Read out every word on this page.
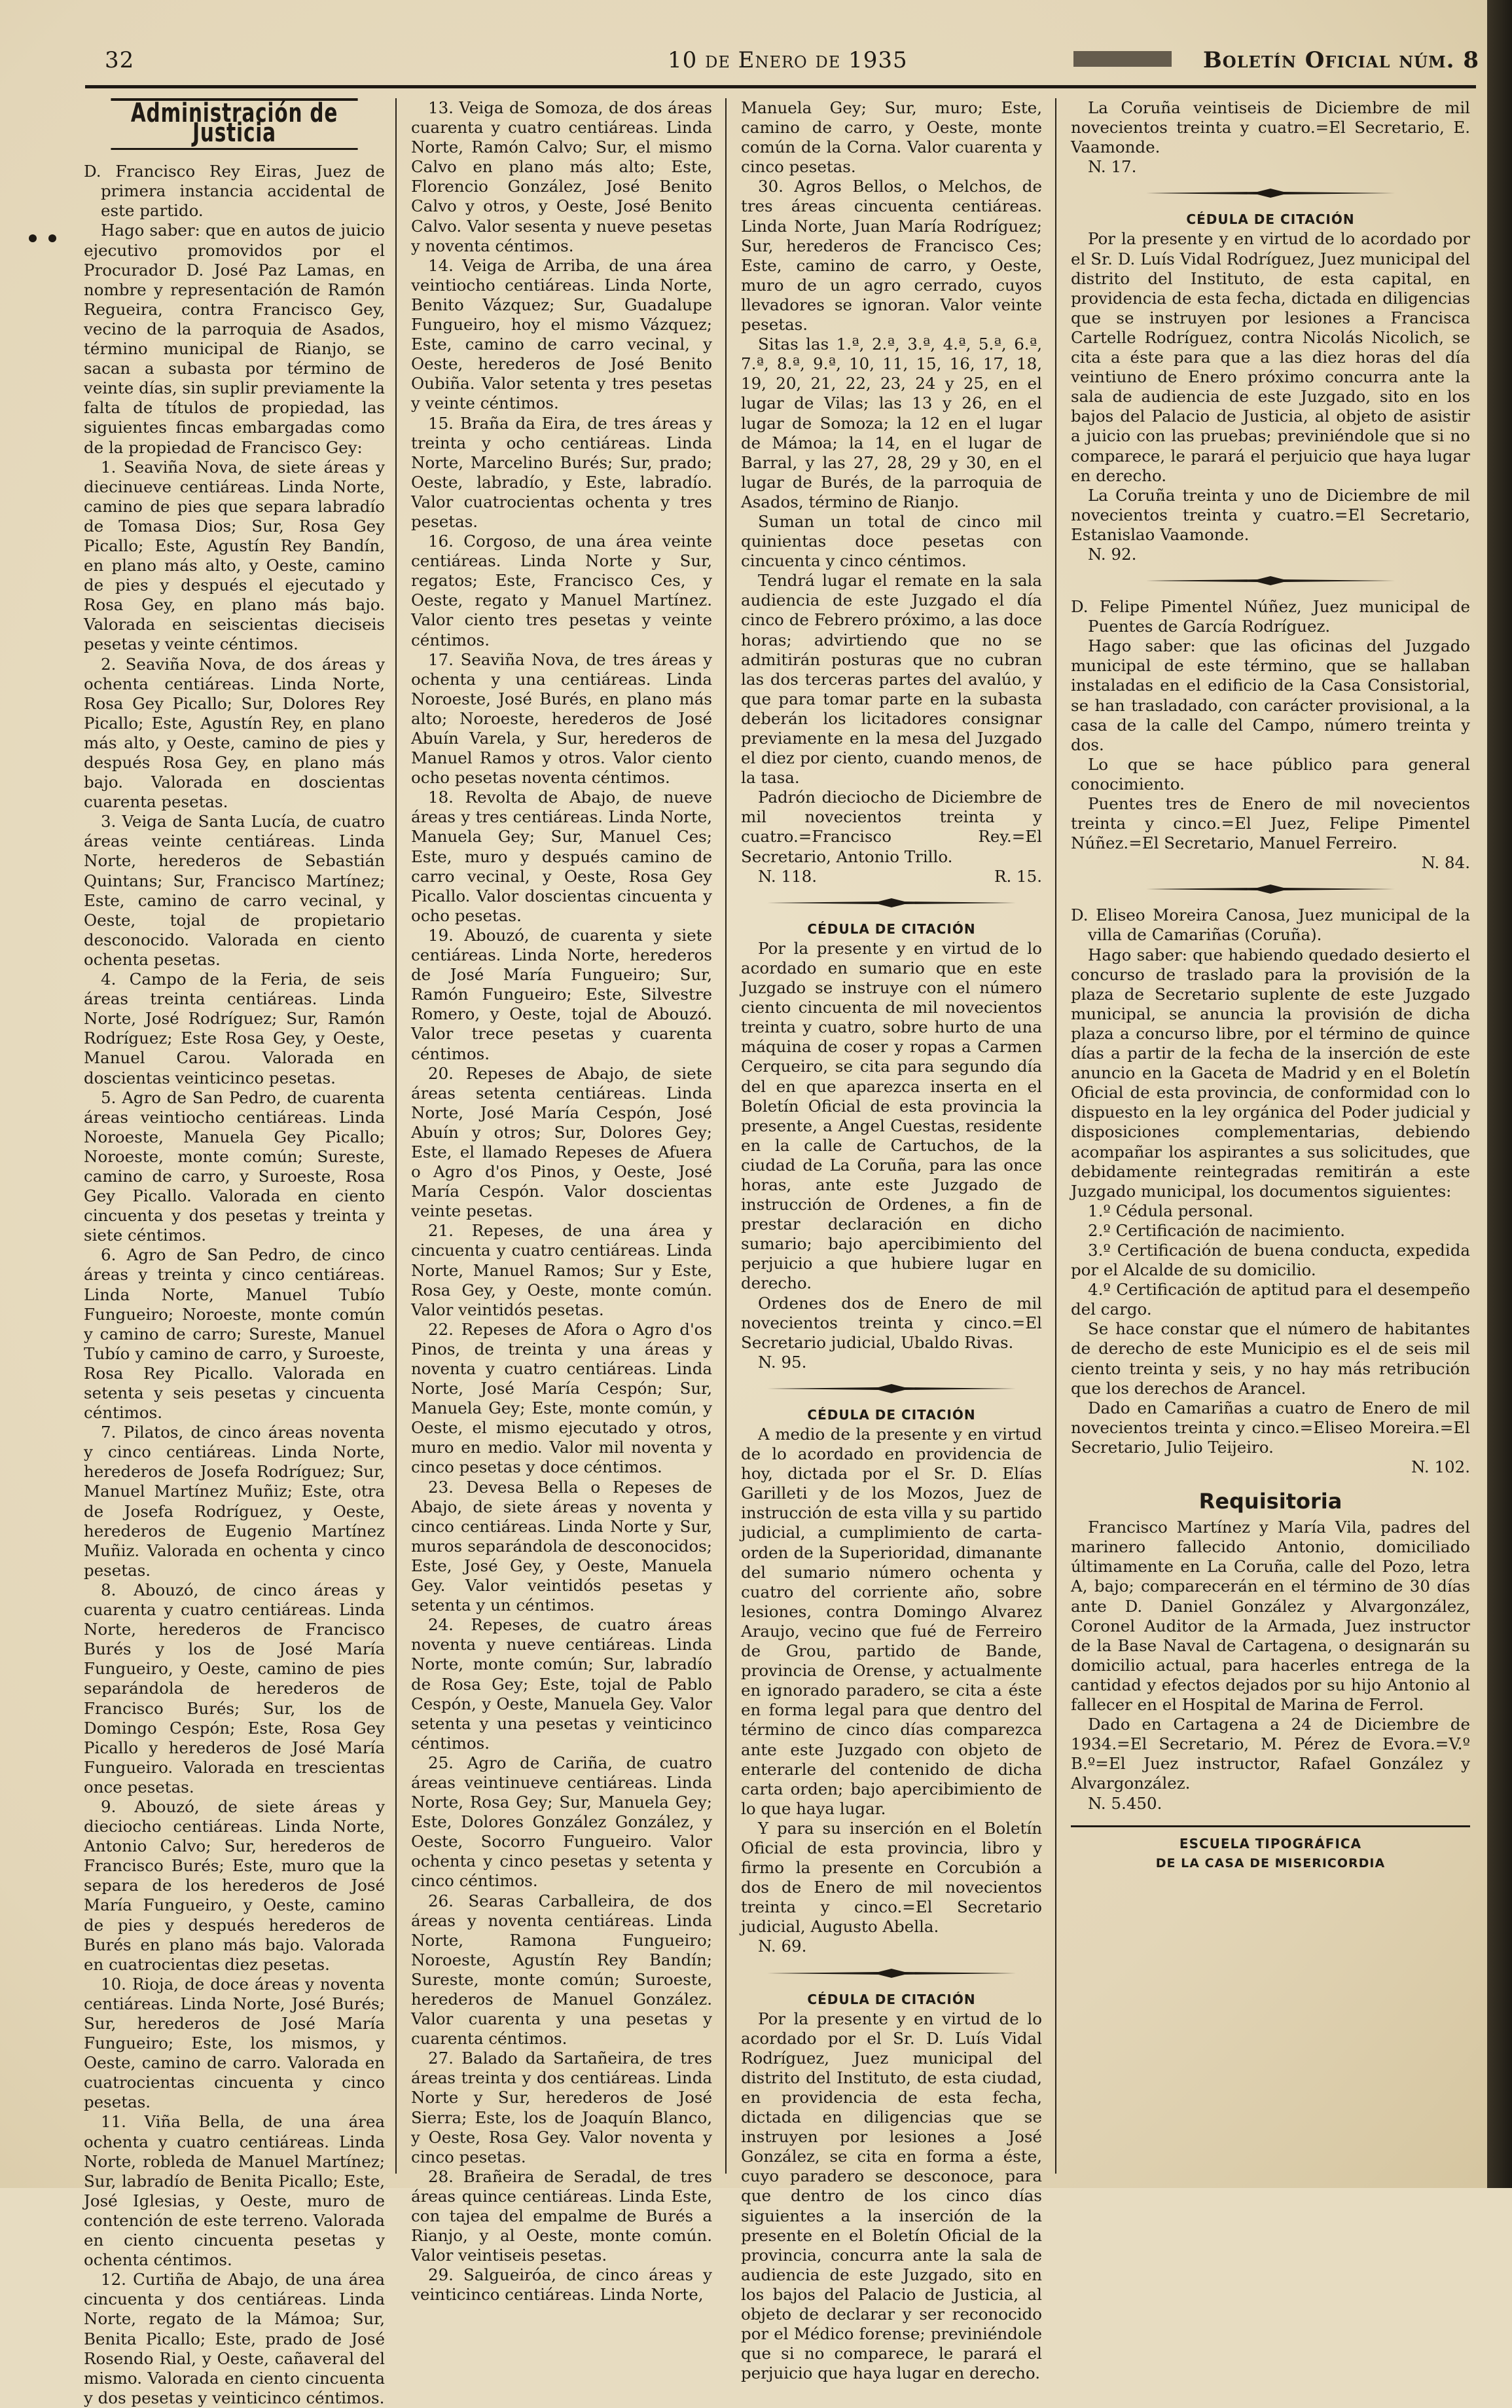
32	10 de Enero de 1935	Boletín Oficial núm. 8
Administración de Justicia

D. Francisco Rey Eiras, Juez de primera instancia accidental de este partido.

Hago saber: que en autos de juicio ejecutivo promovidos por el Procurador D. José Paz Lamas, en nombre y representación de Ramón Regueira, contra Francisco Gey, vecino de la parroquia de Asados, término municipal de Rianjo, se sacan a subasta por término de veinte días, sin suplir previamente la falta de títulos de propiedad, las siguientes fincas embargadas como de la propiedad de Francisco Gey:

1. Seaviña Nova, de siete áreas y diecinueve centiáreas. Linda Norte, camino de pies que separa labradío de Tomasa Dios; Sur, Rosa Gey Picallo; Este, Agustín Rey Bandín, en plano más alto, y Oeste, camino de pies y después el ejecutado y Rosa Gey, en plano más bajo. Valorada en seiscientas dieciseis pesetas y veinte céntimos.

2. Seaviña Nova, de dos áreas y ochenta centiáreas. Linda Norte, Rosa Gey Picallo; Sur, Dolores Rey Picallo; Este, Agustín Rey, en plano más alto, y Oeste, camino de pies y después Rosa Gey, en plano más bajo. Valorada en doscientas cuarenta pesetas.

3. Veiga de Santa Lucía, de cuatro áreas veinte centiáreas. Linda Norte, herederos de Sebastián Quintans; Sur, Francisco Martínez; Este, camino de carro vecinal, y Oeste, tojal de propietario desconocido. Valorada en ciento ochenta pesetas.

4. Campo de la Feria, de seis áreas treinta centiáreas. Linda Norte, José Rodríguez; Sur, Ramón Rodríguez; Este Rosa Gey, y Oeste, Manuel Carou. Valorada en doscientas veinticinco pesetas.

5. Agro de San Pedro, de cuarenta áreas veintiocho centiáreas. Linda Noroeste, Manuela Gey Picallo; Noroeste, monte común; Sureste, camino de carro, y Suroeste, Rosa Gey Picallo. Valorada en ciento cincuenta y dos pesetas y treinta y siete céntimos.

6. Agro de San Pedro, de cinco áreas y treinta y cinco centiáreas. Linda Norte, Manuel Tubío Fungueiro; Noroeste, monte común y camino de carro; Sureste, Manuel Tubío y camino de carro, y Suroeste, Rosa Rey Picallo. Valorada en setenta y seis pesetas y cincuenta céntimos.

7. Pilatos, de cinco áreas noventa y cinco centiáreas. Linda Norte, herederos de Josefa Rodríguez; Sur, Manuel Martínez Muñiz; Este, otra de Josefa Rodríguez, y Oeste, herederos de Eugenio Martínez Muñiz. Valorada en ochenta y cinco pesetas.

8. Abouzó, de cinco áreas y cuarenta y cuatro centiáreas. Linda Norte, herederos de Francisco Burés y los de José María Fungueiro, y Oeste, camino de pies separándola de herederos de Francisco Burés; Sur, los de Domingo Cespón; Este, Rosa Gey Picallo y herederos de José María Fungueiro. Valorada en trescientas once pesetas.

9. Abouzó, de siete áreas y dieciocho centiáreas. Linda Norte, Antonio Calvo; Sur, herederos de Francisco Burés; Este, muro que la separa de los herederos de José María Fungueiro, y Oeste, camino de pies y después herederos de Burés en plano más bajo. Valorada en cuatrocientas diez pesetas.

10. Rioja, de doce áreas y noventa centiáreas. Linda Norte, José Burés; Sur, herederos de José María Fungueiro; Este, los mismos, y Oeste, camino de carro. Valorada en cuatrocientas cincuenta y cinco pesetas.

11. Viña Bella, de una área ochenta y cuatro centiáreas. Linda Norte, robleda de Manuel Martínez; Sur, labradío de Benita Picallo; Este, José Iglesias, y Oeste, muro de contención de este terreno. Valorada en ciento cincuenta pesetas y ochenta céntimos.

12. Curtiña de Abajo, de una área cincuenta y dos centiáreas. Linda Norte, regato de la Mámoa; Sur, Benita Picallo; Este, prado de José Rosendo Rial, y Oeste, cañaveral del mismo. Valorada en ciento cincuenta y dos pesetas y veinticinco céntimos.

13. Veiga de Somoza, de dos áreas cuarenta y cuatro centiáreas. Linda Norte, Ramón Calvo; Sur, el mismo Calvo en plano más alto; Este, Florencio González, José Benito Calvo y otros, y Oeste, José Benito Calvo. Valor sesenta y nueve pesetas y noventa céntimos.

14. Veiga de Arriba, de una área veintiocho centiáreas. Linda Norte, Benito Vázquez; Sur, Guadalupe Fungueiro, hoy el mismo Vázquez; Este, camino de carro vecinal, y Oeste, herederos de José Benito Oubiña. Valor setenta y tres pesetas y veinte céntimos.

15. Braña da Eira, de tres áreas y treinta y ocho centiáreas. Linda Norte, Marcelino Burés; Sur, prado; Oeste, labradío, y Este, labradío. Valor cuatrocientas ochenta y tres pesetas.

16. Corgoso, de una área veinte centiáreas. Linda Norte y Sur, regatos; Este, Francisco Ces, y Oeste, regato y Manuel Martínez. Valor ciento tres pesetas y veinte céntimos.

17. Seaviña Nova, de tres áreas y ochenta y una centiáreas. Linda Noroeste, José Burés, en plano más alto; Noroeste, herederos de José Abuín Varela, y Sur, herederos de Manuel Ramos y otros. Valor ciento ocho pesetas noventa céntimos.

18. Revolta de Abajo, de nueve áreas y tres centiáreas. Linda Norte, Manuela Gey; Sur, Manuel Ces; Este, muro y después camino de carro vecinal, y Oeste, Rosa Gey Picallo. Valor doscientas cincuenta y ocho pesetas.

19. Abouzó, de cuarenta y siete centiáreas. Linda Norte, herederos de José María Fungueiro; Sur, Ramón Fungueiro; Este, Silvestre Romero, y Oeste, tojal de Abouzó. Valor trece pesetas y cuarenta céntimos.

20. Repeses de Abajo, de siete áreas setenta centiáreas. Linda Norte, José María Cespón, José Abuín y otros; Sur, Dolores Gey; Este, el llamado Repeses de Afuera o Agro d'os Pinos, y Oeste, José María Cespón. Valor doscientas veinte pesetas.

21. Repeses, de una área y cincuenta y cuatro centiáreas. Linda Norte, Manuel Ramos; Sur y Este, Rosa Gey, y Oeste, monte común. Valor veintidós pesetas.

22. Repeses de Afora o Agro d'os Pinos, de treinta y una áreas y noventa y cuatro centiáreas. Linda Norte, José María Cespón; Sur, Manuela Gey; Este, monte común, y Oeste, el mismo ejecutado y otros, muro en medio. Valor mil noventa y cinco pesetas y doce céntimos.

23. Devesa Bella o Repeses de Abajo, de siete áreas y noventa y cinco centiáreas. Linda Norte y Sur, muros separándola de desconocidos; Este, José Gey, y Oeste, Manuela Gey. Valor veintidós pesetas y setenta y un céntimos.

24. Repeses, de cuatro áreas noventa y nueve centiáreas. Linda Norte, monte común; Sur, labradío de Rosa Gey; Este, tojal de Pablo Cespón, y Oeste, Manuela Gey. Valor setenta y una pesetas y veinticinco céntimos.

25. Agro de Cariña, de cuatro áreas veintinueve centiáreas. Linda Norte, Rosa Gey; Sur, Manuela Gey; Este, Dolores González González, y Oeste, Socorro Fungueiro. Valor ochenta y cinco pesetas y setenta y cinco céntimos.

26. Searas Carballeira, de dos áreas y noventa centiáreas. Linda Norte, Ramona Fungueiro; Noroeste, Agustín Rey Bandín; Sureste, monte común; Suroeste, herederos de Manuel González. Valor cuarenta y una pesetas y cuarenta céntimos.

27. Balado da Sartañeira, de tres áreas treinta y dos centiáreas. Linda Norte y Sur, herederos de José Sierra; Este, los de Joaquín Blanco, y Oeste, Rosa Gey. Valor noventa y cinco pesetas.

28. Brañeira de Seradal, de tres áreas quince centiáreas. Linda Este, con tajea del empalme de Burés a Rianjo, y al Oeste, monte común. Valor veintiseis pesetas.

29. Salgueiróa, de cinco áreas y veinticinco centiáreas. Linda Norte,

Manuela Gey; Sur, muro; Este, camino de carro, y Oeste, monte común de la Corna. Valor cuarenta y cinco pesetas.

30. Agros Bellos, o Melchos, de tres áreas cincuenta centiáreas. Linda Norte, Juan María Rodríguez; Sur, herederos de Francisco Ces; Este, camino de carro, y Oeste, muro de un agro cerrado, cuyos llevadores se ignoran. Valor veinte pesetas.

Sitas las 1.ª, 2.ª, 3.ª, 4.ª, 5.ª, 6.ª, 7.ª, 8.ª, 9.ª, 10, 11, 15, 16, 17, 18, 19, 20, 21, 22, 23, 24 y 25, en el lugar de Vilas; las 13 y 26, en el lugar de Somoza; la 12 en el lugar de Mámoa; la 14, en el lugar de Barral, y las 27, 28, 29 y 30, en el lugar de Burés, de la parroquia de Asados, término de Rianjo.

Suman un total de cinco mil quinientas doce pesetas con cincuenta y cinco céntimos.

Tendrá lugar el remate en la sala audiencia de este Juzgado el día cinco de Febrero próximo, a las doce horas; advirtiendo que no se admitirán posturas que no cubran las dos terceras partes del avalúo, y que para tomar parte en la subasta deberán los licitadores consignar previamente en la mesa del Juzgado el diez por ciento, cuando menos, de la tasa.

Padrón dieciocho de Diciembre de mil novecientos treinta y cuatro.=Francisco Rey.=El Secretario, Antonio Trillo.

N. 118.	R. 15.

CÉDULA DE CITACIÓN

Por la presente y en virtud de lo acordado en sumario que en este Juzgado se instruye con el número ciento cincuenta de mil novecientos treinta y cuatro, sobre hurto de una máquina de coser y ropas a Carmen Cerqueiro, se cita para segundo día del en que aparezca inserta en el Boletín Oficial de esta provincia la presente, a Angel Cuestas, residente en la calle de Cartuchos, de la ciudad de La Coruña, para las once horas, ante este Juzgado de instrucción de Ordenes, a fin de prestar declaración en dicho sumario; bajo apercibimiento del perjuicio a que hubiere lugar en derecho.

Ordenes dos de Enero de mil novecientos treinta y cinco.=El Secretario judicial, Ubaldo Rivas.

N. 95.

CÉDULA DE CITACIÓN

A medio de la presente y en virtud de lo acordado en providencia de hoy, dictada por el Sr. D. Elías Garilleti y de los Mozos, Juez de instrucción de esta villa y su partido judicial, a cumplimiento de carta-orden de la Superioridad, dimanante del sumario número ochenta y cuatro del corriente año, sobre lesiones, contra Domingo Alvarez Araujo, vecino que fué de Ferreiro de Grou, partido de Bande, provincia de Orense, y actualmente en ignorado paradero, se cita a éste en forma legal para que dentro del término de cinco días comparezca ante este Juzgado con objeto de enterarle del contenido de dicha carta orden; bajo apercibimiento de lo que haya lugar.

Y para su inserción en el Boletín Oficial de esta provincia, libro y firmo la presente en Corcubión a dos de Enero de mil novecientos treinta y cinco.=El Secretario judicial, Augusto Abella.

N. 69.

CÉDULA DE CITACIÓN

Por la presente y en virtud de lo acordado por el Sr. D. Luís Vidal Rodríguez, Juez municipal del distrito del Instituto, de esta ciudad, en providencia de esta fecha, dictada en diligencias que se instruyen por lesiones a José González, se cita en forma a éste, cuyo paradero se desconoce, para que dentro de los cinco días siguientes a la inserción de la presente en el Boletín Oficial de la provincia, concurra ante la sala de audiencia de este Juzgado, sito en los bajos del Palacio de Justicia, al objeto de declarar y ser reconocido por el Médico forense; previniéndole que si no comparece, le parará el perjuicio que haya lugar en derecho.

La Coruña veintiseis de Diciembre de mil novecientos treinta y cuatro.=El Secretario, E. Vaamonde.

N. 17.

CÉDULA DE CITACIÓN

Por la presente y en virtud de lo acordado por el Sr. D. Luís Vidal Rodríguez, Juez municipal del distrito del Instituto, de esta capital, en providencia de esta fecha, dictada en diligencias que se instruyen por lesiones a Francisca Cartelle Rodríguez, contra Nicolás Nicolich, se cita a éste para que a las diez horas del día veintiuno de Enero próximo concurra ante la sala de audiencia de este Juzgado, sito en los bajos del Palacio de Justicia, al objeto de asistir a juicio con las pruebas; previniéndole que si no comparece, le parará el perjuicio que haya lugar en derecho.

La Coruña treinta y uno de Diciembre de mil novecientos treinta y cuatro.=El Secretario, Estanislao Vaamonde.

N. 92.

D. Felipe Pimentel Núñez, Juez municipal de Puentes de García Rodríguez.

Hago saber: que las oficinas del Juzgado municipal de este término, que se hallaban instaladas en el edificio de la Casa Consistorial, se han trasladado, con carácter provisional, a la casa de la calle del Campo, número treinta y dos.

Lo que se hace público para general conocimiento.

Puentes tres de Enero de mil novecientos treinta y cinco.=El Juez, Felipe Pimentel Núñez.=El Secretario, Manuel Ferreiro.

N. 84.

D. Eliseo Moreira Canosa, Juez municipal de la villa de Camariñas (Coruña).

Hago saber: que habiendo quedado desierto el concurso de traslado para la provisión de la plaza de Secretario suplente de este Juzgado municipal, se anuncia la provisión de dicha plaza a concurso libre, por el término de quince días a partir de la fecha de la inserción de este anuncio en la Gaceta de Madrid y en el Boletín Oficial de esta provincia, de conformidad con lo dispuesto en la ley orgánica del Poder judicial y disposiciones complementarias, debiendo acompañar los aspirantes a sus solicitudes, que debidamente reintegradas remitirán a este Juzgado municipal, los documentos siguientes:

1.º Cédula personal.

2.º Certificación de nacimiento.

3.º Certificación de buena conducta, expedida por el Alcalde de su domicilio.

4.º Certificación de aptitud para el desempeño del cargo.

Se hace constar que el número de habitantes de derecho de este Municipio es el de seis mil ciento treinta y seis, y no hay más retribución que los derechos de Arancel.

Dado en Camariñas a cuatro de Enero de mil novecientos treinta y cinco.=Eliseo Moreira.=El Secretario, Julio Teijeiro.

N. 102.

Requisitoria

Francisco Martínez y María Vila, padres del marinero fallecido Antonio, domiciliado últimamente en La Coruña, calle del Pozo, letra A, bajo; comparecerán en el término de 30 días ante D. Daniel González y Alvargonzález, Coronel Auditor de la Armada, Juez instructor de la Base Naval de Cartagena, o designarán su domicilio actual, para hacerles entrega de la cantidad y efectos dejados por su hijo Antonio al fallecer en el Hospital de Marina de Ferrol.

Dado en Cartagena a 24 de Diciembre de 1934.=El Secretario, M. Pérez de Evora.=V.º B.º=El Juez instructor, Rafael González y Alvargonzález.

N. 5.450.

ESCUELA TIPOGRÁFICA
DE LA CASA DE MISERICORDIA
